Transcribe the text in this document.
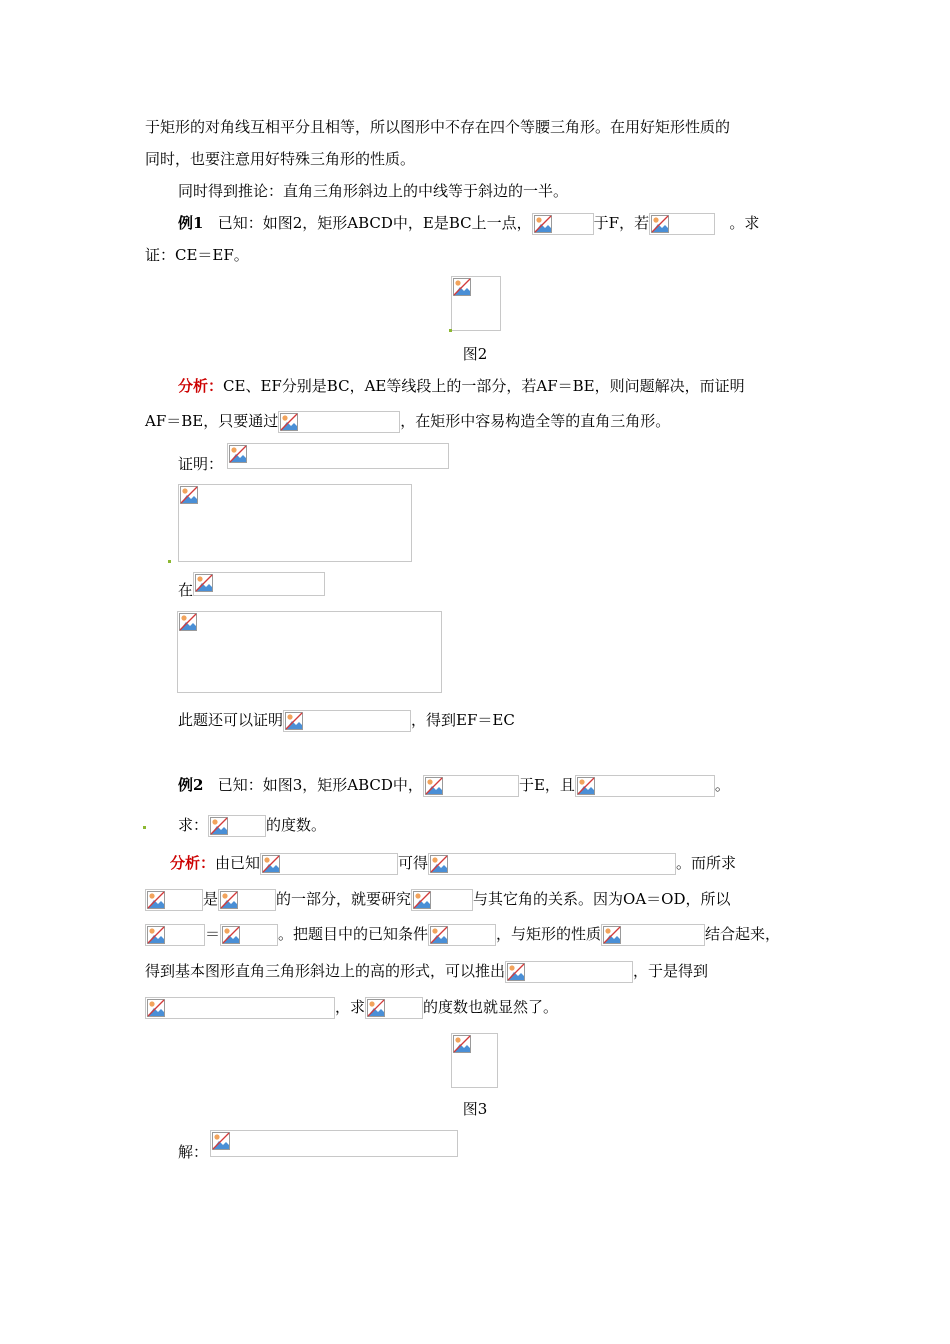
于矩形的对角线互相平分且相等，所以图形中不存在四个等腰三角形。在用好矩形性质的
同时，也要注意用好特殊三角形的性质。
同时得到推论：直角三角形斜边上的中线等于斜边的一半。
例1 已知：如图2，矩形ABCD中，E是BC上一点，	于F，若	。求
证：CE＝EF。
图2
分析：CE、EF分别是BC，AE等线段上的一部分，若AF＝BE，则问题解决，而证明
AF＝BE，只要通过	，在矩形中容易构造全等的直角三角形。
证明：
在
此题还可以证明	，得到EF＝EC
例2 已知：如图3，矩形ABCD中，	于E，且	。
求：	的度数。
分析：由已知	可得	。而所求
是	的一部分，就要研究	与其它角的关系。因为OA＝OD，所以
＝	。把题目中的已知条件	，与矩形的性质	结合起来，
得到基本图形直角三角形斜边上的高的形式，可以推出	，于是得到
，求	的度数也就显然了。
图3
解：
